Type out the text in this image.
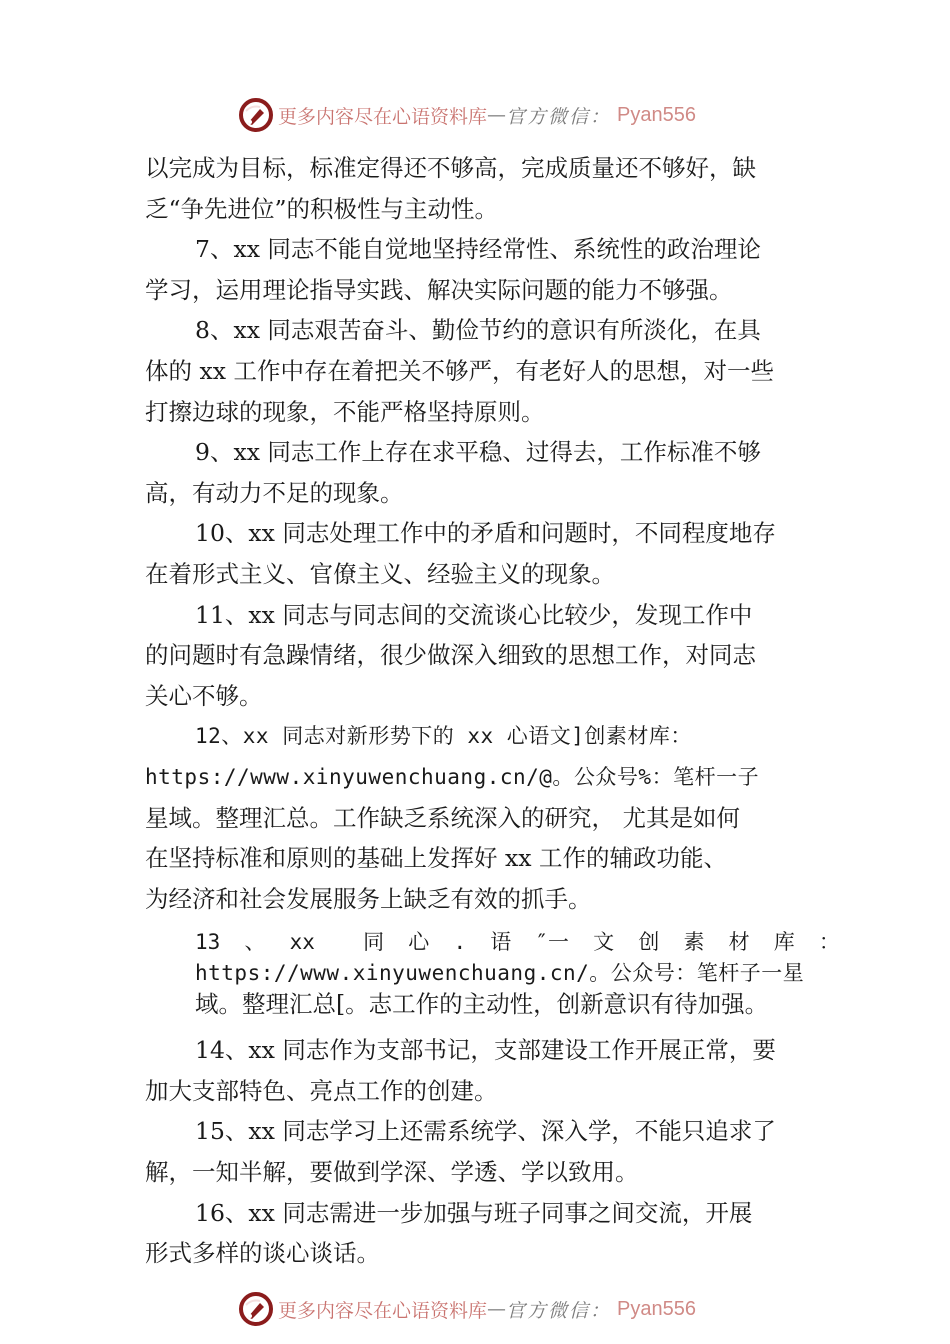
更多内容尽在心语资料库 — 官方微信： Pyan556
以完成为目标，标准定得还不够高，完成质量还不够好，缺
乏“争先进位”的积极性与主动性。
7、xx 同志不能自觉地坚持经常性、系统性的政治理论
学习，运用理论指导实践、解决实际问题的能力不够强。
8、xx 同志艰苦奋斗、勤俭节约的意识有所淡化，在具
体的 xx 工作中存在着把关不够严，有老好人的思想，对一些
打擦边球的现象，不能严格坚持原则。
9、xx 同志工作上存在求平稳、过得去，工作标准不够
高，有动力不足的现象。
10、xx 同志处理工作中的矛盾和问题时，不同程度地存
在着形式主义、官僚主义、经验主义的现象。
11、xx 同志与同志间的交流谈心比较少，发现工作中
的问题时有急躁情绪，很少做深入细致的思想工作，对同志
关心不够。
12、xx 同志对新形势下的 xx 心语文]创素材库：
https://www.xinyuwenchuang.cn/@。公众号%：笔杆一子
星域。整理汇总。工作缺乏系统深入的研究， 尤其是如何
在坚持标准和原则的基础上发挥好 xx 工作的辅政功能、
为经济和社会发展服务上缺乏有效的抓手。
13 、 xx 同 心 . 语 ″一 文 创 素 材 库 ：
https://www.xinyuwenchuang.cn/。公众号：笔杆子一星
域。整理汇总[。志工作的主动性，创新意识有待加强。
14、xx 同志作为支部书记，支部建设工作开展正常，要
加大支部特色、亮点工作的创建。
15、xx 同志学习上还需系统学、深入学，不能只追求了
解，一知半解，要做到学深、学透、学以致用。
16、xx 同志需进一步加强与班子同事之间交流，开展
形式多样的谈心谈话。
更多内容尽在心语资料库 — 官方微信： Pyan556
